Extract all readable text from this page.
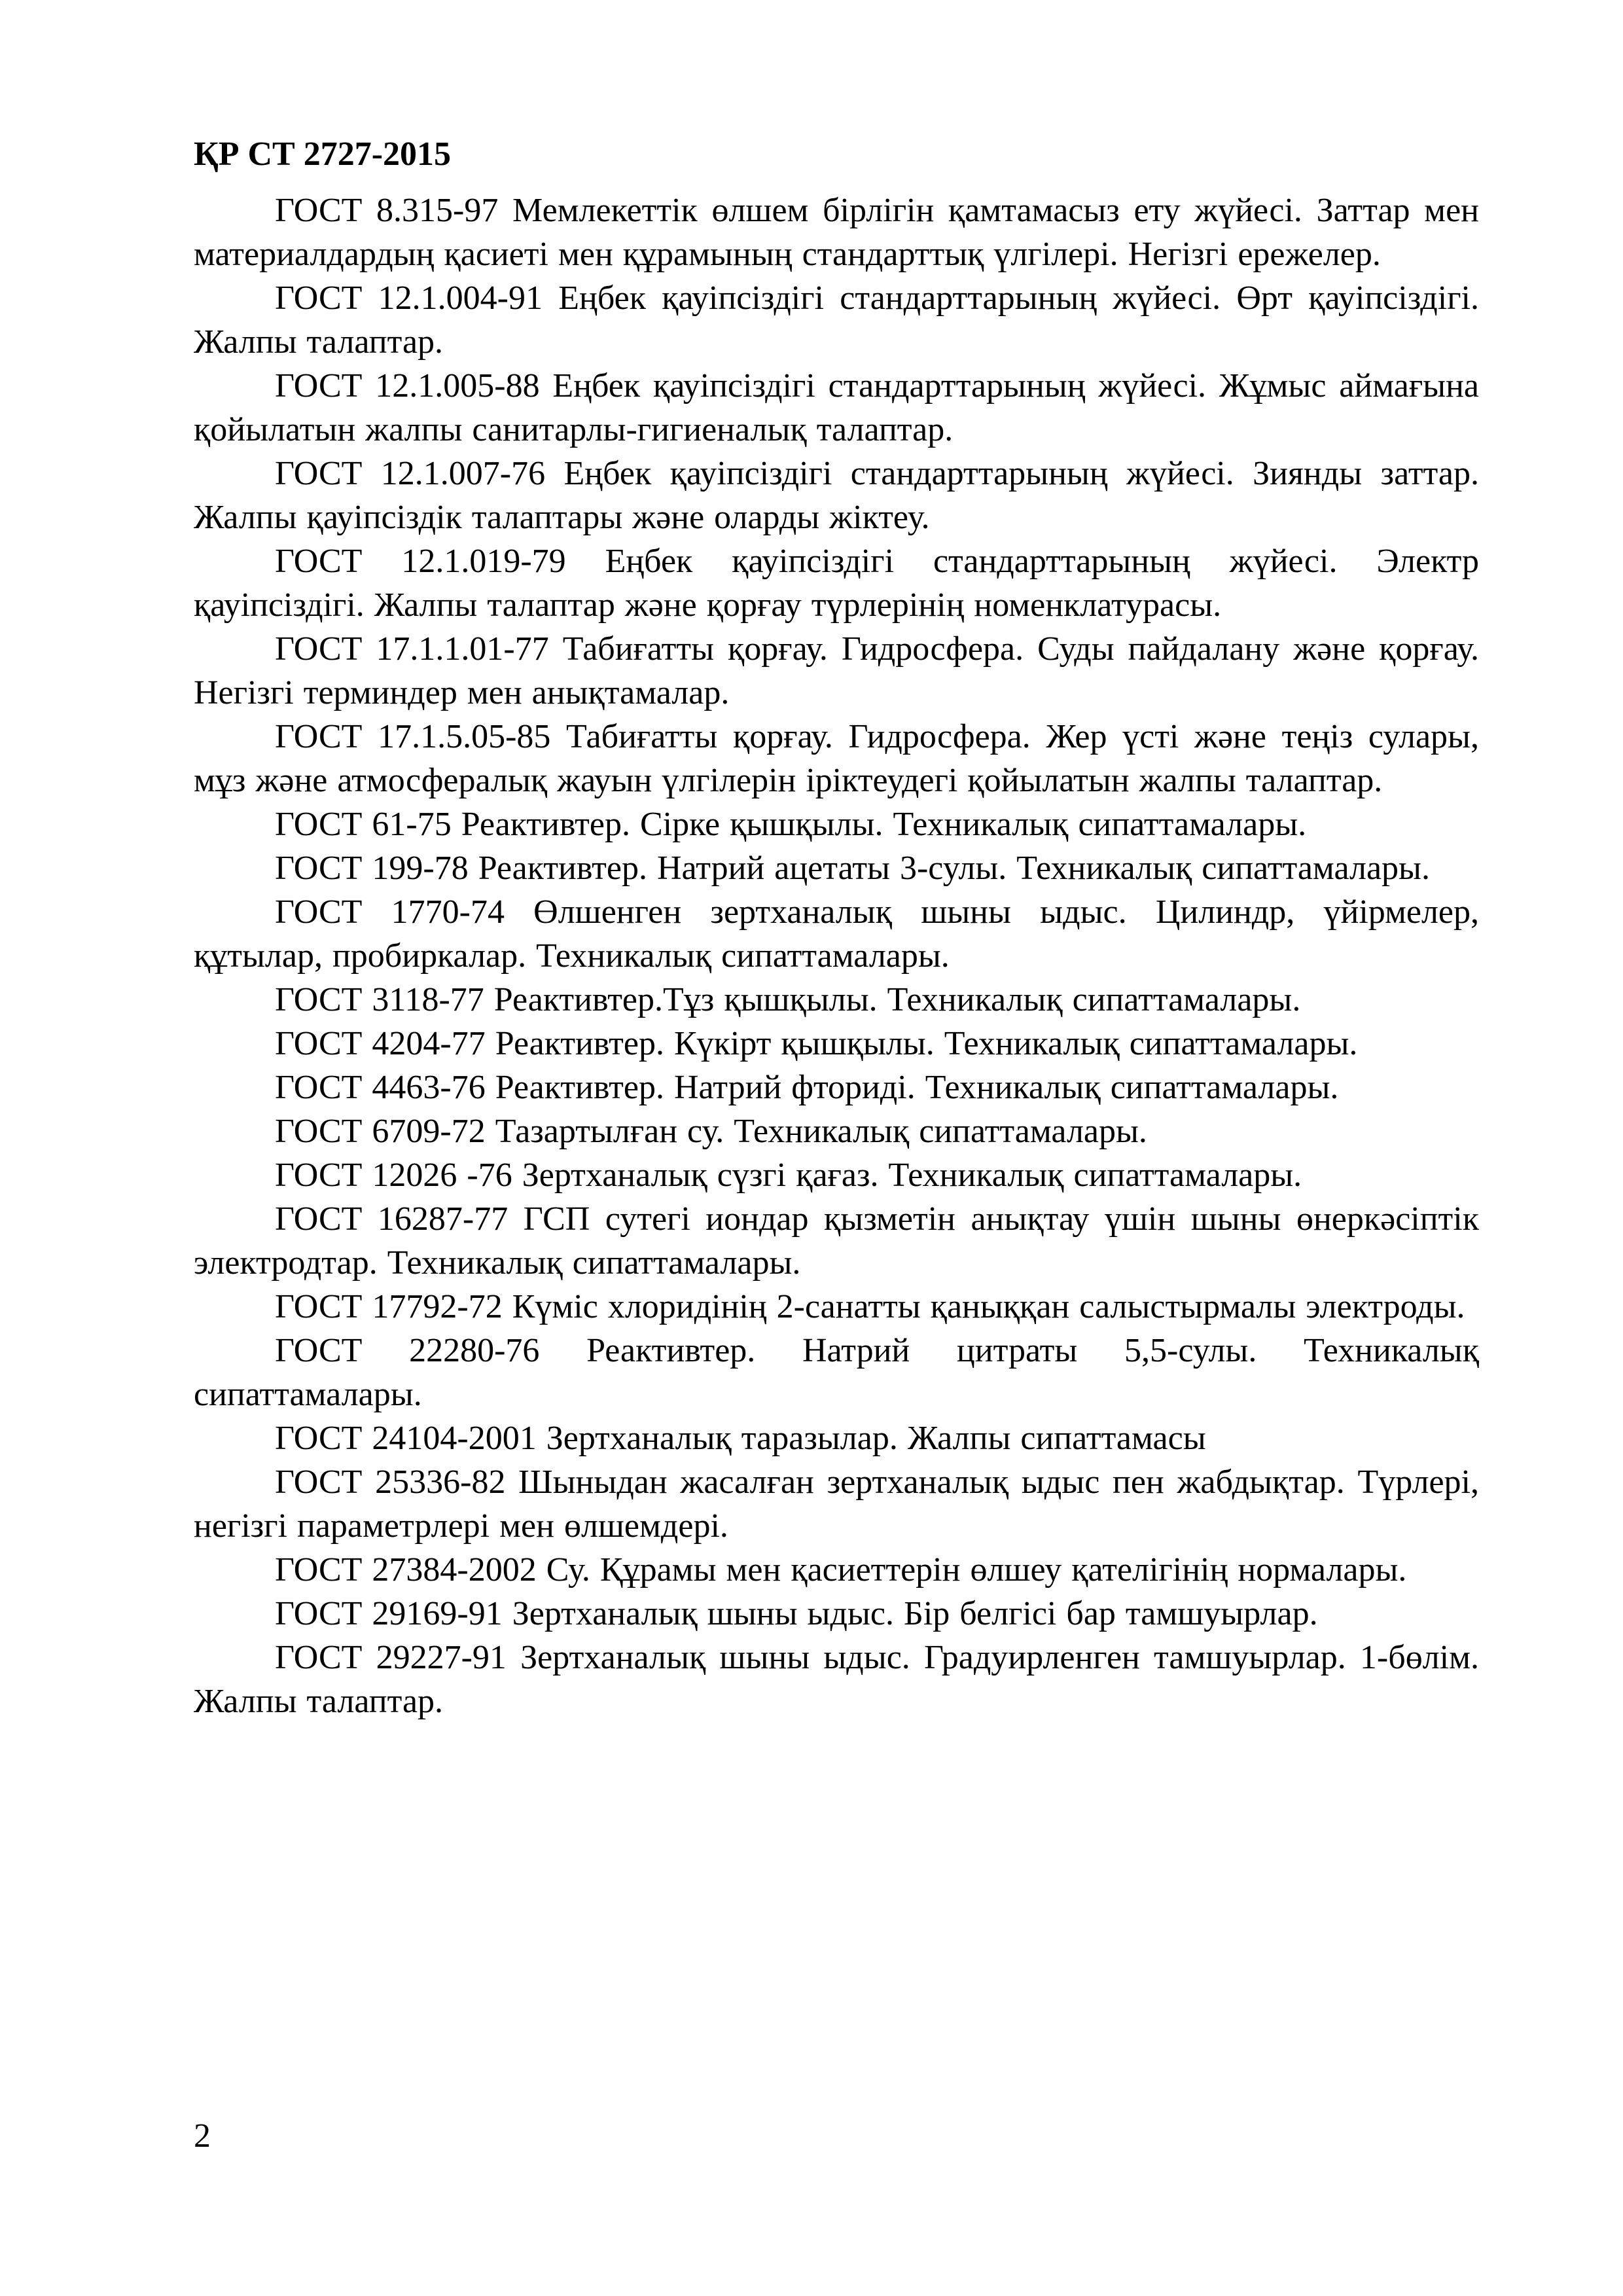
ҚР СТ 2727-2015

ГОСТ 8.315-97 Мемлекеттік өлшем бірлігін қамтамасыз ету жүйесі. Заттар мен материалдардың қасиеті мен құрамының стандарттық үлгілері. Негізгі ережелер.

ГОСТ 12.1.004-91 Еңбек қауіпсіздігі стандарттарының жүйесі. Өрт қауіпсіздігі. Жалпы талаптар.

ГОСТ 12.1.005-88 Еңбек қауіпсіздігі стандарттарының жүйесі. Жұмыс аймағына қойылатын жалпы санитарлы-гигиеналық талаптар.

ГОСТ 12.1.007-76 Еңбек қауіпсіздігі стандарттарының жүйесі. Зиянды заттар. Жалпы қауіпсіздік талаптары және оларды жіктеу.

ГОСТ 12.1.019-79 Еңбек қауіпсіздігі стандарттарының жүйесі. Электр қауіпсіздігі. Жалпы талаптар және қорғау түрлерінің номенклатурасы.

ГОСТ 17.1.1.01-77 Табиғатты қорғау. Гидросфера. Суды пайдалану және қорғау. Негізгі терминдер мен анықтамалар.

ГОСТ 17.1.5.05-85 Табиғатты қорғау. Гидросфера. Жер үсті және теңіз сулары, мұз және атмосфералық жауын үлгілерін іріктеудегі қойылатын жалпы талаптар.

ГОСТ 61-75 Реактивтер. Сірке қышқылы. Техникалық сипаттамалары.

ГОСТ 199-78 Реактивтер. Натрий ацетаты 3-сулы. Техникалық сипаттамалары.

ГОСТ 1770-74 Өлшенген зертханалық шыны ыдыс. Цилиндр, үйірмелер, құтылар, пробиркалар. Техникалық сипаттамалары.

ГОСТ 3118-77 Реактивтер.Тұз қышқылы. Техникалық сипаттамалары.

ГОСТ 4204-77 Реактивтер. Күкірт қышқылы. Техникалық сипаттамалары.

ГОСТ 4463-76 Реактивтер. Натрий фториді. Техникалық сипаттамалары.

ГОСТ 6709-72 Тазартылған су. Техникалық сипаттамалары.

ГОСТ 12026 -76 Зертханалық сүзгі қағаз. Техникалық сипаттамалары.

ГОСТ 16287-77 ГСП сутегі иондар қызметін анықтау үшін шыны өнеркәсіптік электродтар. Техникалық сипаттамалары.

ГОСТ 17792-72 Күміс хлоридінің 2-санатты қаныққан салыстырмалы электроды.

ГОСТ 22280-76 Реактивтер. Натрий цитраты 5,5-сулы. Техникалық сипаттамалары.

ГОСТ 24104-2001 Зертханалық таразылар. Жалпы сипаттамасы

ГОСТ 25336-82 Шыныдан жасалған зертханалық ыдыс пен жабдықтар. Түрлері, негізгі параметрлері мен өлшемдері.

ГОСТ 27384-2002 Су. Құрамы мен қасиеттерін өлшеу қателігінің нормалары.

ГОСТ 29169-91 Зертханалық шыны ыдыс. Бір белгісі бар тамшуырлар.

ГОСТ 29227-91 Зертханалық шыны ыдыс. Градуирленген тамшуырлар. 1-бөлім. Жалпы талаптар.

2
